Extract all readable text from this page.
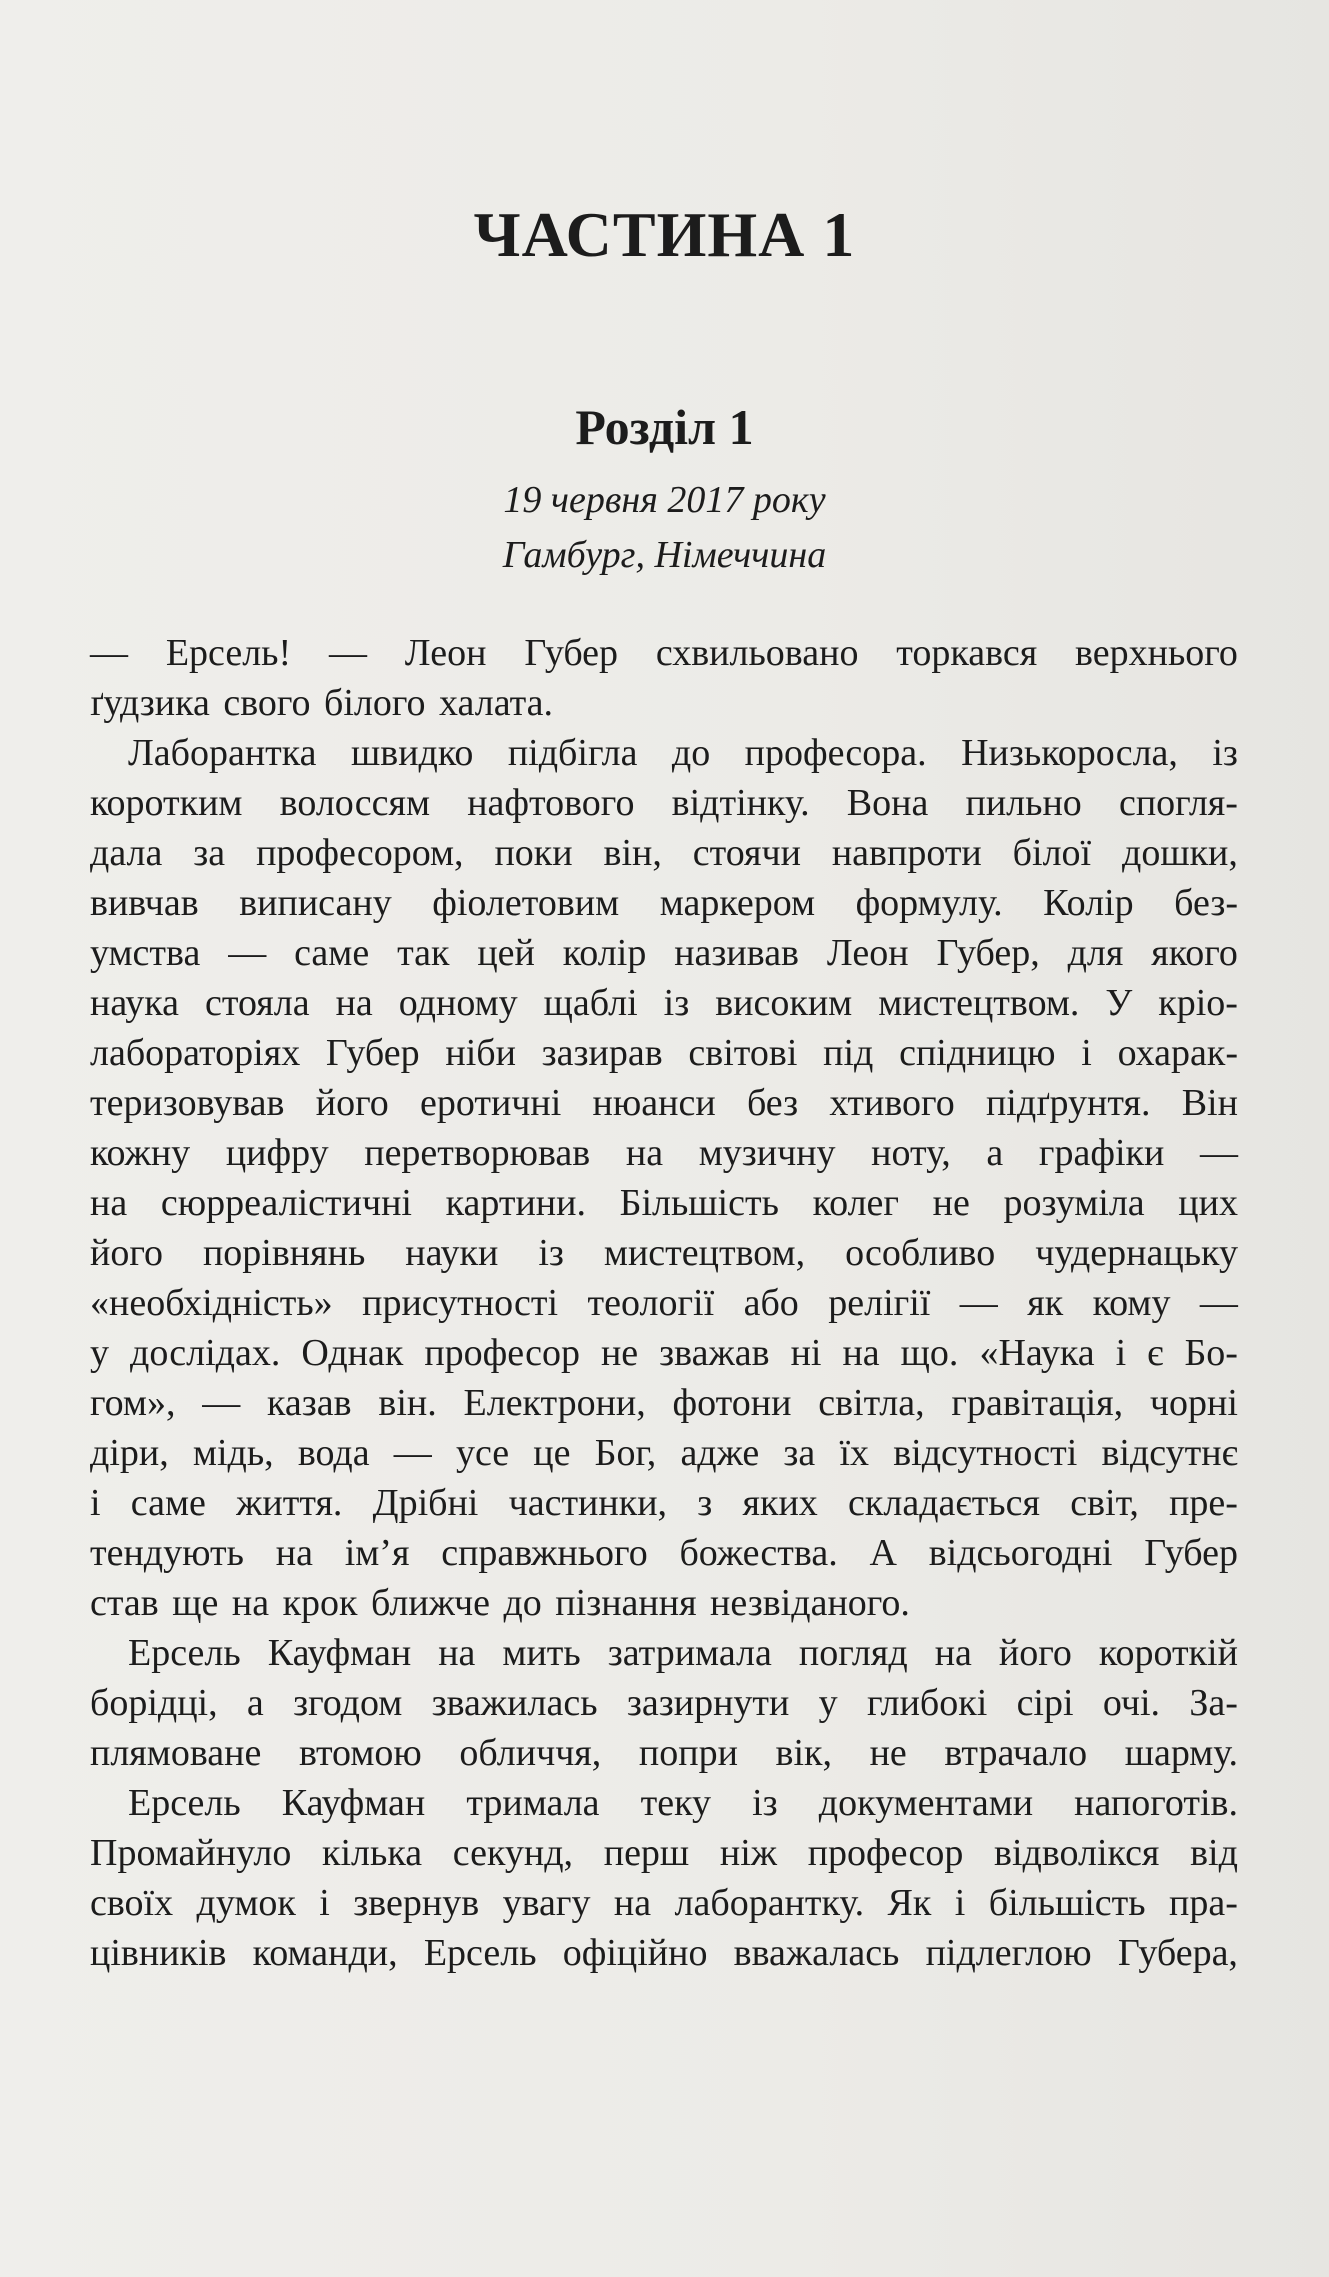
ЧАСТИНА 1
Розділ 1

19 червня 2017 року

Гамбург, Німеччина

— Ерсель! — Леон Губер схвильовано торкався верхнього

ґудзика свого білого халата.

Лаборантка швидко підбігла до професора. Низькоросла, із

коротким волоссям нафтового відтінку. Вона пильно спогля-

дала за професором, поки він, стоячи навпроти білої дошки,

вивчав виписану фіолетовим маркером формулу. Колір без-

умства — саме так цей колір називав Леон Губер, для якого

наука стояла на одному щаблі із високим мистецтвом. У кріо-

лабораторіях Губер ніби зазирав світові під спідницю і охарак-

теризовував його еротичні нюанси без хтивого підґрунтя. Він

кожну цифру перетворював на музичну ноту, а графіки —

на сюрреалістичні картини. Більшість колег не розуміла цих

його порівнянь науки із мистецтвом, особливо чудернацьку

«необхідність» присутності теології або релігії — як кому —

у дослідах. Однак професор не зважав ні на що. «Наука і є Бо-

гом», — казав він. Електрони, фотони світла, гравітація, чорні

діри, мідь, вода — усе це Бог, адже за їх відсутності відсутнє

і саме життя. Дрібні частинки, з яких складається світ, пре-

тендують на ім’я справжнього божества. А відсьогодні Губер

став ще на крок ближче до пізнання незвіданого.

Ерсель Кауфман на мить затримала погляд на його короткій

борідці, а згодом зважилась зазирнути у глибокі сірі очі. За-

плямоване втомою обличчя, попри вік, не втрачало шарму.

Ерсель Кауфман тримала теку із документами напоготів.

Промайнуло кілька секунд, перш ніж професор відволікся від

своїх думок і звернув увагу на лаборантку. Як і більшість пра-

цівників команди, Ерсель офіційно вважалась підлеглою Губера,
